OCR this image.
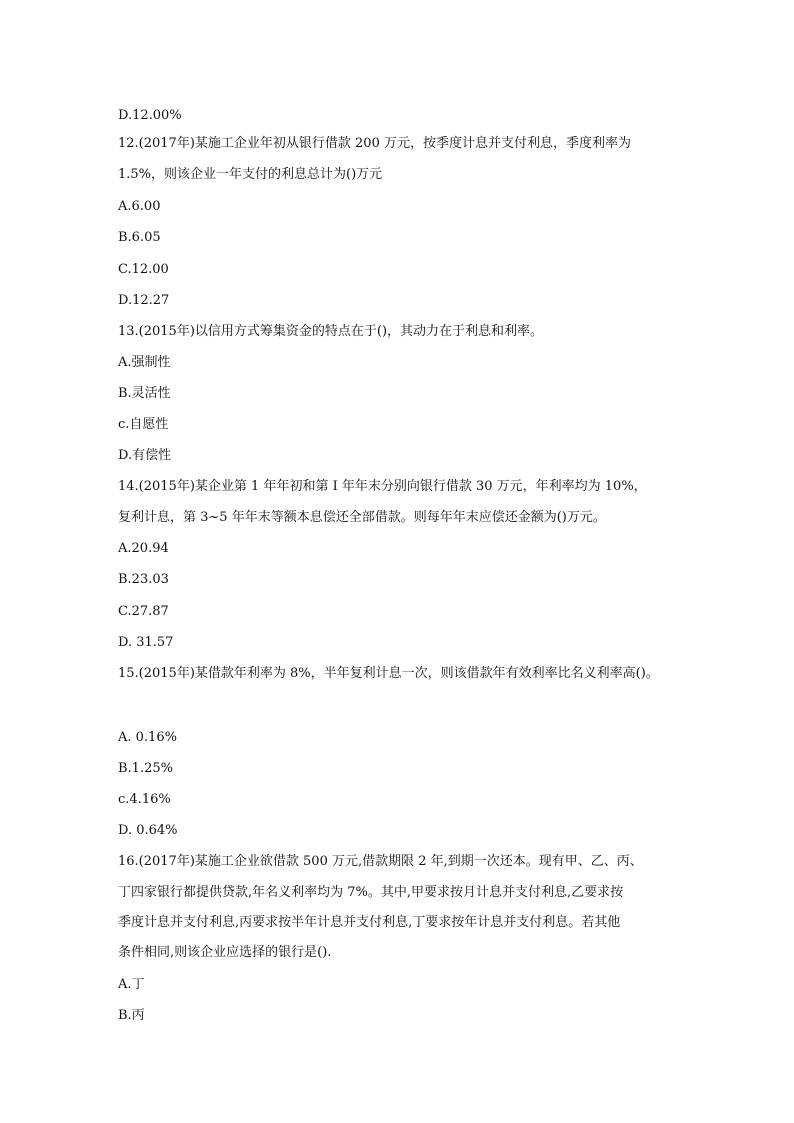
D.12.00%
12.(2017年)某施工企业年初从银行借款 200 万元，按季度计息并支付利息，季度利率为
1.5%，则该企业一年支付的利息总计为()万元
A.6.00
B.6.05
C.12.00
D.12.27
13.(2015年)以信用方式筹集资金的特点在于()，其动力在于利息和利率。
A.强制性
B.灵活性
c.自愿性
D.有偿性
14.(2015年)某企业第 1 年年初和第 I 年年末分别向银行借款 30 万元，年利率均为 10%，
复利计息，第 3~5 年年末等额本息偿还全部借款。则每年年末应偿还金额为()万元。
A.20.94
B.23.03
C.27.87
D. 31.57
15.(2015年)某借款年利率为 8%，半年复利计息一次，则该借款年有效利率比名义利率高()。
A. 0.16%
B.1.25%
c.4.16%
D. 0.64%
16.(2017年)某施工企业欲借款 500 万元,借款期限 2 年,到期一次还本。现有甲、乙、丙、
丁四家银行都提供贷款,年名义利率均为 7%。其中,甲要求按月计息并支付利息,乙要求按
季度计息并支付利息,丙要求按半年计息并支付利息,丁要求按年计息并支付利息。若其他
条件相同,则该企业应选择的银行是().
A.丁
B.丙
